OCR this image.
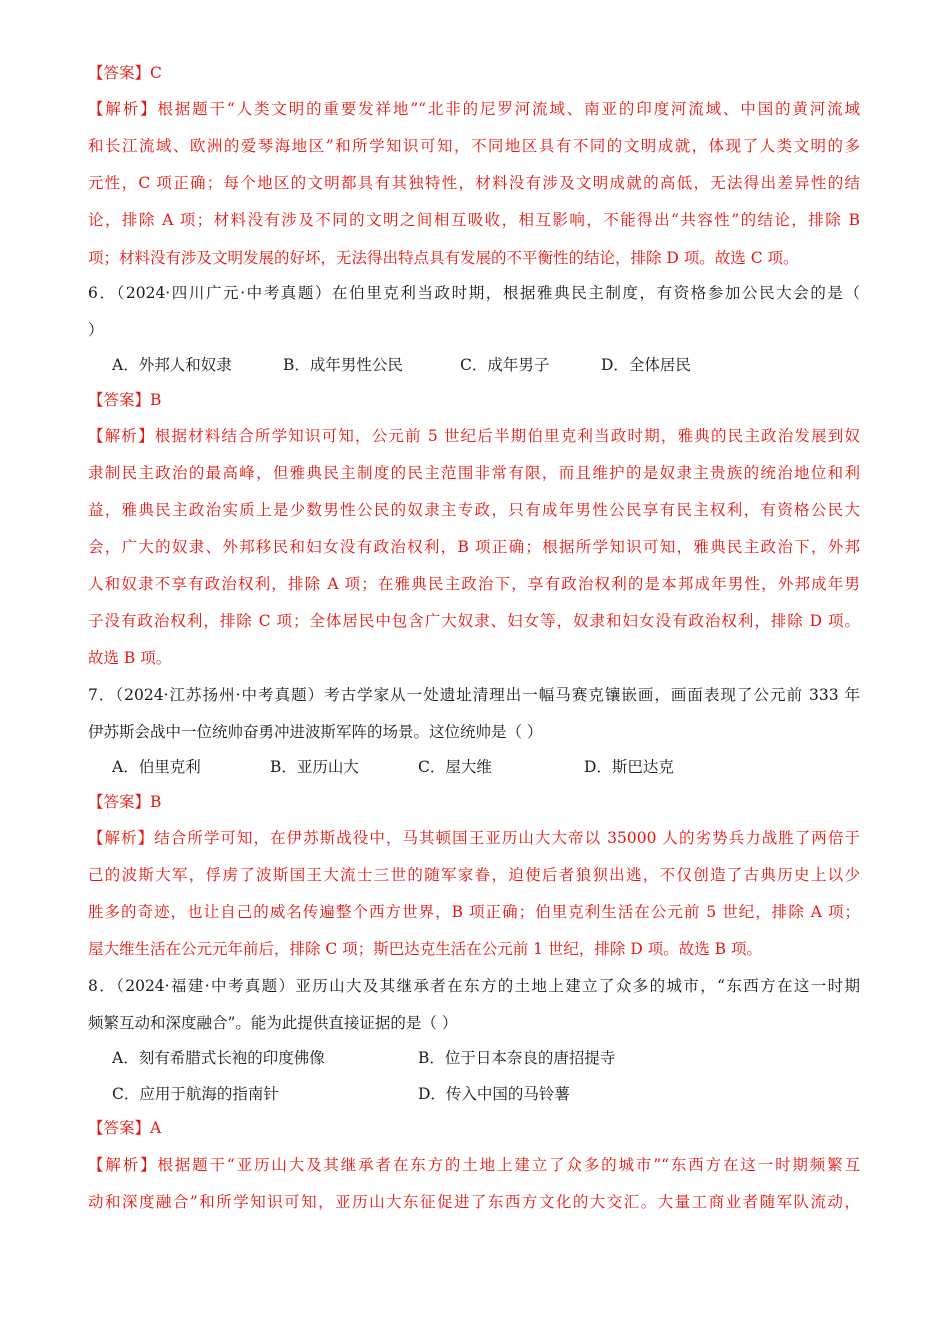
【答案】C
【解析】根据题干“人类文明的重要发祥地”“北非的尼罗河流域、南亚的印度河流域、中国的黄河流域
和长江流域、欧洲的爱琴海地区”和所学知识可知，不同地区具有不同的文明成就，体现了人类文明的多
元性，C 项正确；每个地区的文明都具有其独特性，材料没有涉及文明成就的高低，无法得出差异性的结
论，排除 A 项；材料没有涉及不同的文明之间相互吸收，相互影响，不能得出“共容性”的结论，排除 B
项；材料没有涉及文明发展的好坏，无法得出特点具有发展的不平衡性的结论，排除 D 项。故选 C 项。
6．（2024·四川广元·中考真题）在伯里克利当政时期，根据雅典民主制度，有资格参加公民大会的是（
）
A．外邦人和奴隶	B．成年男性公民	C．成年男子	D．全体居民
【答案】B
【解析】根据材料结合所学知识可知，公元前 5 世纪后半期伯里克利当政时期，雅典的民主政治发展到奴
隶制民主政治的最高峰，但雅典民主制度的民主范围非常有限，而且维护的是奴隶主贵族的统治地位和利
益，雅典民主政治实质上是少数男性公民的奴隶主专政，只有成年男性公民享有民主权利，有资格公民大
会，广大的奴隶、外邦移民和妇女没有政治权利，B 项正确；根据所学知识可知，雅典民主政治下，外邦
人和奴隶不享有政治权利，排除 A 项；在雅典民主政治下，享有政治权利的是本邦成年男性，外邦成年男
子没有政治权利，排除 C 项；全体居民中包含广大奴隶、妇女等，奴隶和妇女没有政治权利，排除 D 项。
故选 B 项。
7．（2024·江苏扬州·中考真题）考古学家从一处遗址清理出一幅马赛克镶嵌画，画面表现了公元前 333 年
伊苏斯会战中一位统帅奋勇冲进波斯军阵的场景。这位统帅是（ ）
A．伯里克利	B．亚历山大	C．屋大维	D．斯巴达克
【答案】B
【解析】结合所学可知，在伊苏斯战役中，马其顿国王亚历山大大帝以 35000 人的劣势兵力战胜了两倍于
己的波斯大军，俘虏了波斯国王大流士三世的随军家眷，迫使后者狼狈出逃，不仅创造了古典历史上以少
胜多的奇迹，也让自己的威名传遍整个西方世界，B 项正确；伯里克利生活在公元前 5 世纪，排除 A 项；
屋大维生活在公元元年前后，排除 C 项；斯巴达克生活在公元前 1 世纪，排除 D 项。故选 B 项。
8．（2024·福建·中考真题）亚历山大及其继承者在东方的土地上建立了众多的城市，“东西方在这一时期
频繁互动和深度融合”。能为此提供直接证据的是（ ）
A．刻有希腊式长袍的印度佛像	B．位于日本奈良的唐招提寺
C．应用于航海的指南针	D．传入中国的马铃薯
【答案】A
【解析】根据题干“亚历山大及其继承者在东方的土地上建立了众多的城市”“东西方在这一时期频繁互
动和深度融合”和所学知识可知，亚历山大东征促进了东西方文化的大交汇。大量工商业者随军队流动，
